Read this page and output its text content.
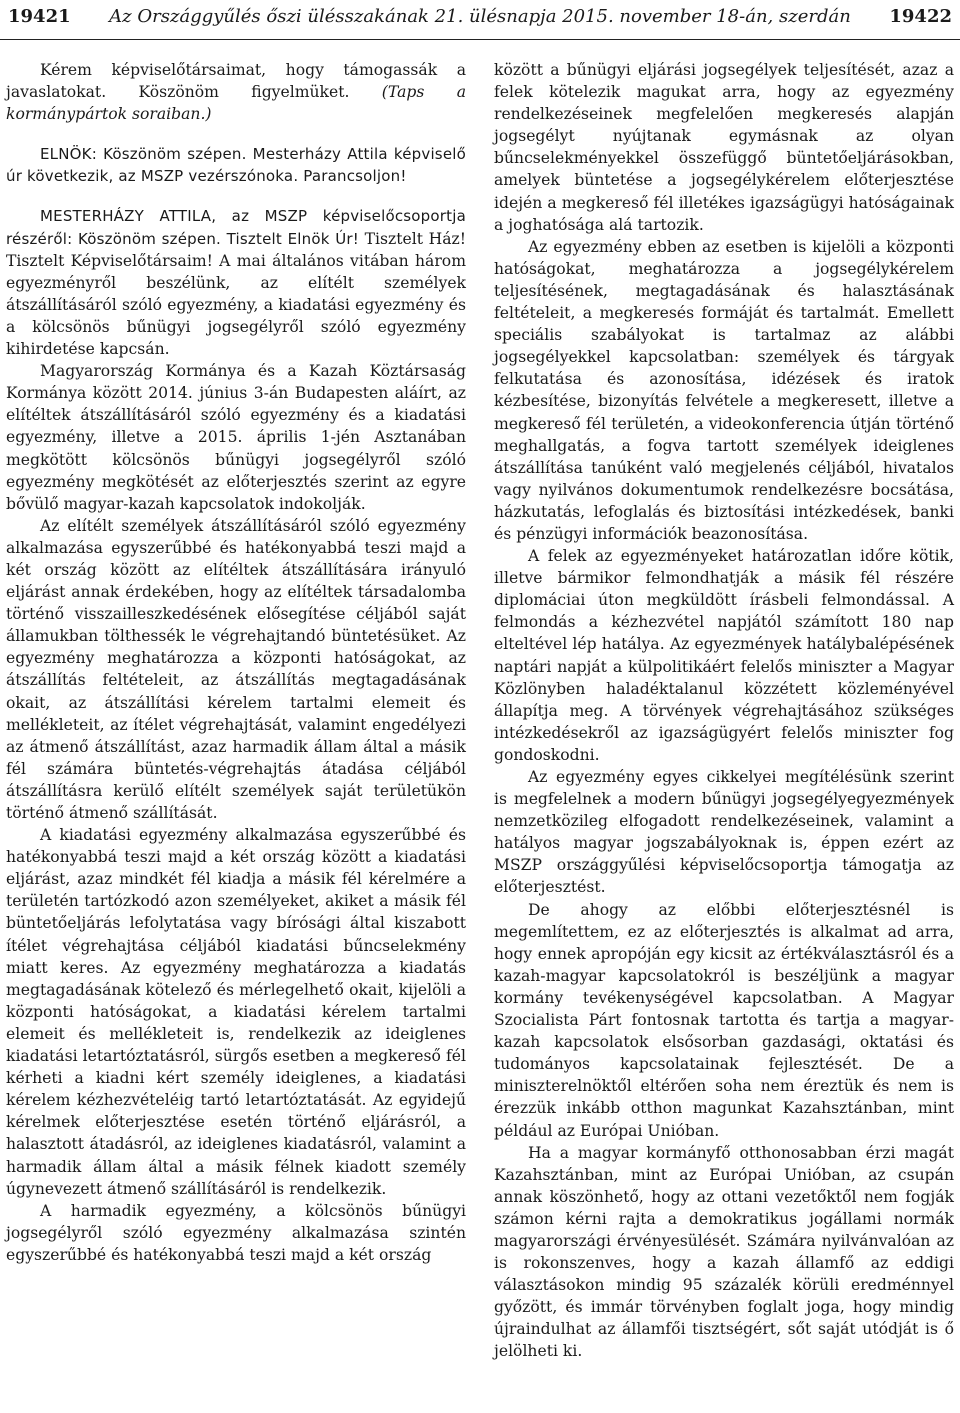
19421	Az Országgyűlés őszi ülésszakának 21. ülésnapja 2015. november 18-án, szerdán	19422

Kérem képviselőtársaimat, hogy támogassák a javaslatokat. Köszönöm figyelmüket. (Taps a kormánypártok soraiban.)

ELNÖK: Köszönöm szépen. Mesterházy Attila képviselő úr következik, az MSZP vezérszónoka. Parancsoljon!

MESTERHÁZY ATTILA, az MSZP képviselőcsoportja részéről: Köszönöm szépen. Tisztelt Elnök Úr! Tisztelt Ház! Tisztelt Képviselőtársaim! A mai általános vitában három egyezményről beszélünk, az elítélt személyek átszállításáról szóló egyezmény, a kiadatási egyezmény és a kölcsönös bűnügyi jogsegélyről szóló egyezmény kihirdetése kapcsán.

Magyarország Kormánya és a Kazah Köztársaság Kormánya között 2014. június 3-án Budapesten aláírt, az elítéltek átszállításáról szóló egyezmény és a kiadatási egyezmény, illetve a 2015. április 1-jén Asztanában megkötött kölcsönös bűnügyi jogsegélyről szóló egyezmény megkötését az előterjesztés szerint az egyre bővülő magyar-kazah kapcsolatok indokolják.

Az elítélt személyek átszállításáról szóló egyezmény alkalmazása egyszerűbbé és hatékonyabbá teszi majd a két ország között az elítéltek átszállítására irányuló eljárást annak érdekében, hogy az elítéltek társadalomba történő visszailleszkedésének elősegítése céljából saját államukban tölthessék le végrehajtandó büntetésüket. Az egyezmény meghatározza a központi hatóságokat, az átszállítás feltételeit, az átszállítás megtagadásának okait, az átszállítási kérelem tartalmi elemeit és mellékleteit, az ítélet végrehajtását, valamint engedélyezi az átmenő átszállítást, azaz harmadik állam által a másik fél számára büntetés-végrehajtás átadása céljából átszállításra kerülő elítélt személyek saját területükön történő átmenő szállítását.

A kiadatási egyezmény alkalmazása egyszerűbbé és hatékonyabbá teszi majd a két ország között a kiadatási eljárást, azaz mindkét fél kiadja a másik fél kérelmére a területén tartózkodó azon személyeket, akiket a másik fél büntetőeljárás lefolytatása vagy bírósági által kiszabott ítélet végrehajtása céljából kiadatási bűncselekmény miatt keres. Az egyezmény meghatározza a kiadatás megtagadásának kötelező és mérlegelhető okait, kijelöli a központi hatóságokat, a kiadatási kérelem tartalmi elemeit és mellékleteit is, rendelkezik az ideiglenes kiadatási letartóztatásról, sürgős esetben a megkereső fél kérheti a kiadni kért személy ideiglenes, a kiadatási kérelem kézhezvételéig tartó letartóztatását. Az egyidejű kérelmek előterjesztése esetén történő eljárásról, a halasztott átadásról, az ideiglenes kiadatásról, valamint a harmadik állam által a másik félnek kiadott személy úgynevezett átmenő szállításáról is rendelkezik.

A harmadik egyezmény, a kölcsönös bűnügyi jogsegélyről szóló egyezmény alkalmazása szintén egyszerűbbé és hatékonyabbá teszi majd a két ország

között a bűnügyi eljárási jogsegélyek teljesítését, azaz a felek kötelezik magukat arra, hogy az egyezmény rendelkezéseinek megfelelően megkeresés alapján jogsegélyt nyújtanak egymásnak az olyan bűncselekményekkel összefüggő büntetőeljárásokban, amelyek büntetése a jogsegélykérelem előterjesztése idején a megkereső fél illetékes igazságügyi hatóságainak a joghatósága alá tartozik.

Az egyezmény ebben az esetben is kijelöli a központi hatóságokat, meghatározza a jogsegélykérelem teljesítésének, megtagadásának és halasztásának feltételeit, a megkeresés formáját és tartalmát. Emellett speciális szabályokat is tartalmaz az alábbi jogsegélyekkel kapcsolatban: személyek és tárgyak felkutatása és azonosítása, idézések és iratok kézbesítése, bizonyítás felvétele a megkeresett, illetve a megkereső fél területén, a videokonferencia útján történő meghallgatás, a fogva tartott személyek ideiglenes átszállítása tanúként való megjelenés céljából, hivatalos vagy nyilvános dokumentumok rendelkezésre bocsátása, házkutatás, lefoglalás és biztosítási intézkedések, banki és pénzügyi információk beazonosítása.

A felek az egyezményeket határozatlan időre kötik, illetve bármikor felmondhatják a másik fél részére diplomáciai úton megküldött írásbeli felmondással. A felmondás a kézhezvétel napjától számított 180 nap elteltével lép hatálya. Az egyezmények hatálybalépésének naptári napját a külpolitikáért felelős miniszter a Magyar Közlönyben haladéktalanul közzétett közleményével állapítja meg. A törvények végrehajtásához szükséges intézkedésekről az igazságügyért felelős miniszter fog gondoskodni.

Az egyezmény egyes cikkelyei megítélésünk szerint is megfelelnek a modern bűnügyi jogsegélyegyezmények nemzetközileg elfogadott rendelkezéseinek, valamint a hatályos magyar jogszabályoknak is, éppen ezért az MSZP országgyűlési képviselőcsoportja támogatja az előterjesztést.

De ahogy az előbbi előterjesztésnél is megemlítettem, ez az előterjesztés is alkalmat ad arra, hogy ennek apropóján egy kicsit az értékválasztásról és a kazah-magyar kapcsolatokról is beszéljünk a magyar kormány tevékenységével kapcsolatban. A Magyar Szocialista Párt fontosnak tartotta és tartja a magyar-kazah kapcsolatok elsősorban gazdasági, oktatási és tudományos kapcsolatainak fejlesztését. De a miniszterelnöktől eltérően soha nem éreztük és nem is érezzük inkább otthon magunkat Kazahsztánban, mint például az Európai Unióban.

Ha a magyar kormányfő otthonosabban érzi magát Kazahsztánban, mint az Európai Unióban, az csupán annak köszönhető, hogy az ottani vezetőktől nem fogják számon kérni rajta a demokratikus jogállami normák magyarországi érvényesülését. Számára nyilvánvalóan az is rokonszenves, hogy a kazah államfő az eddigi választásokon mindig 95 százalék körüli eredménnyel győzött, és immár törvényben foglalt joga, hogy mindig újraindulhat az államfői tisztségért, sőt saját utódját is ő jelölheti ki.
